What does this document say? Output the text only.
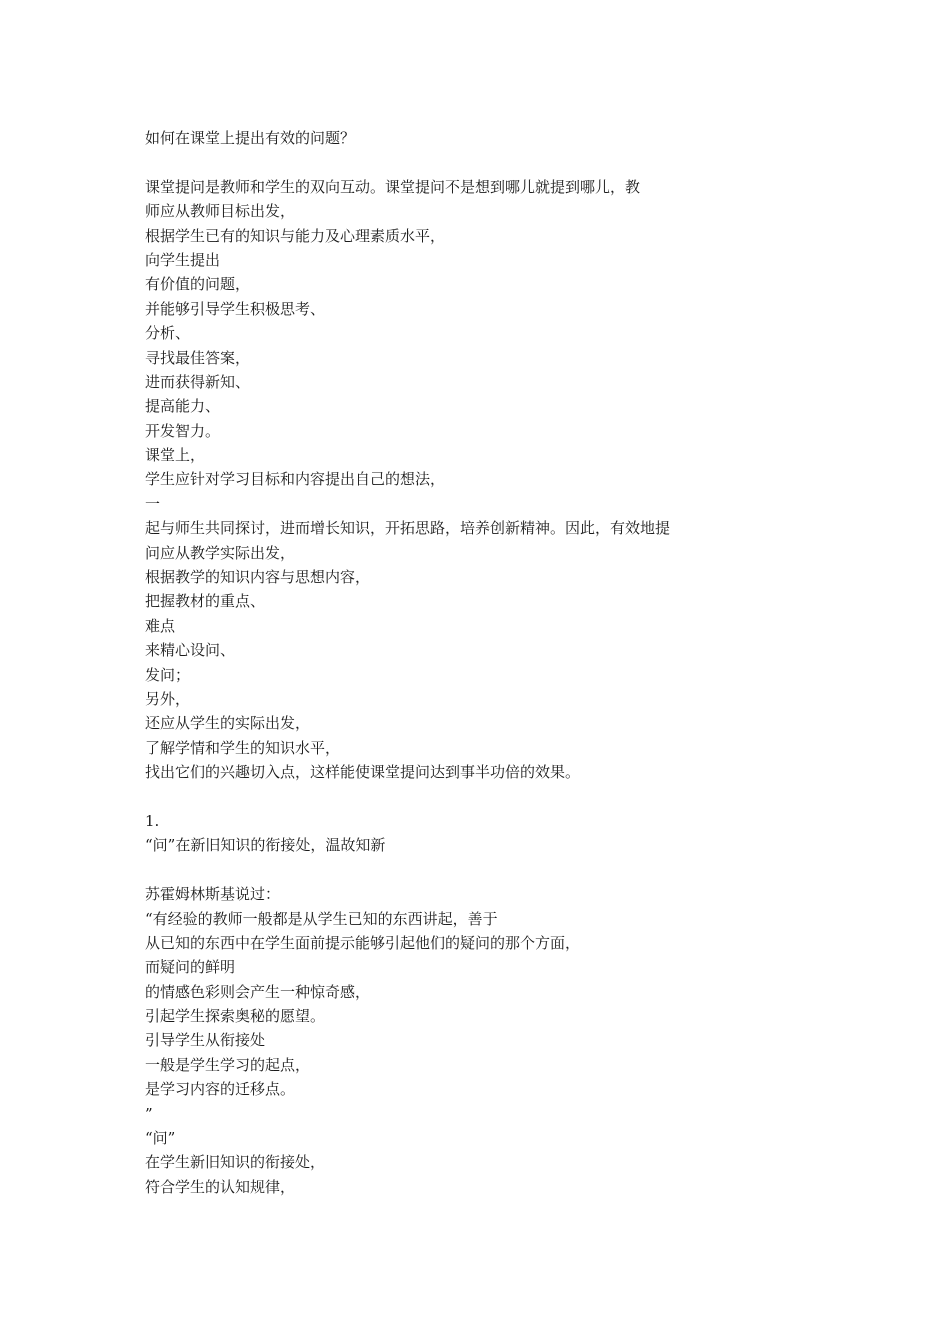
如何在课堂上提出有效的问题？
课堂提问是教师和学生的双向互动。课堂提问不是想到哪儿就提到哪儿，教
师应从教师目标出发，
根据学生已有的知识与能力及心理素质水平，
向学生提出
有价值的问题，
并能够引导学生积极思考、
分析、
寻找最佳答案，
进而获得新知、
提高能力、
开发智力。
课堂上，
学生应针对学习目标和内容提出自己的想法，
一
起与师生共同探讨，进而增长知识，开拓思路，培养创新精神。因此，有效地提
问应从教学实际出发，
根据教学的知识内容与思想内容，
把握教材的重点、
难点
来精心设问、
发问；
另外，
还应从学生的实际出发，
了解学情和学生的知识水平，
找出它们的兴趣切入点，这样能使课堂提问达到事半功倍的效果。
1.
“问”在新旧知识的衔接处，温故知新
苏霍姆林斯基说过：
“有经验的教师一般都是从学生已知的东西讲起，善于
从已知的东西中在学生面前提示能够引起他们的疑问的那个方面，
而疑问的鲜明
的情感色彩则会产生一种惊奇感，
引起学生探索奥秘的愿望。
引导学生从衔接处
一般是学生学习的起点，
是学习内容的迁移点。
”
“问”
在学生新旧知识的衔接处，
符合学生的认知规律，
